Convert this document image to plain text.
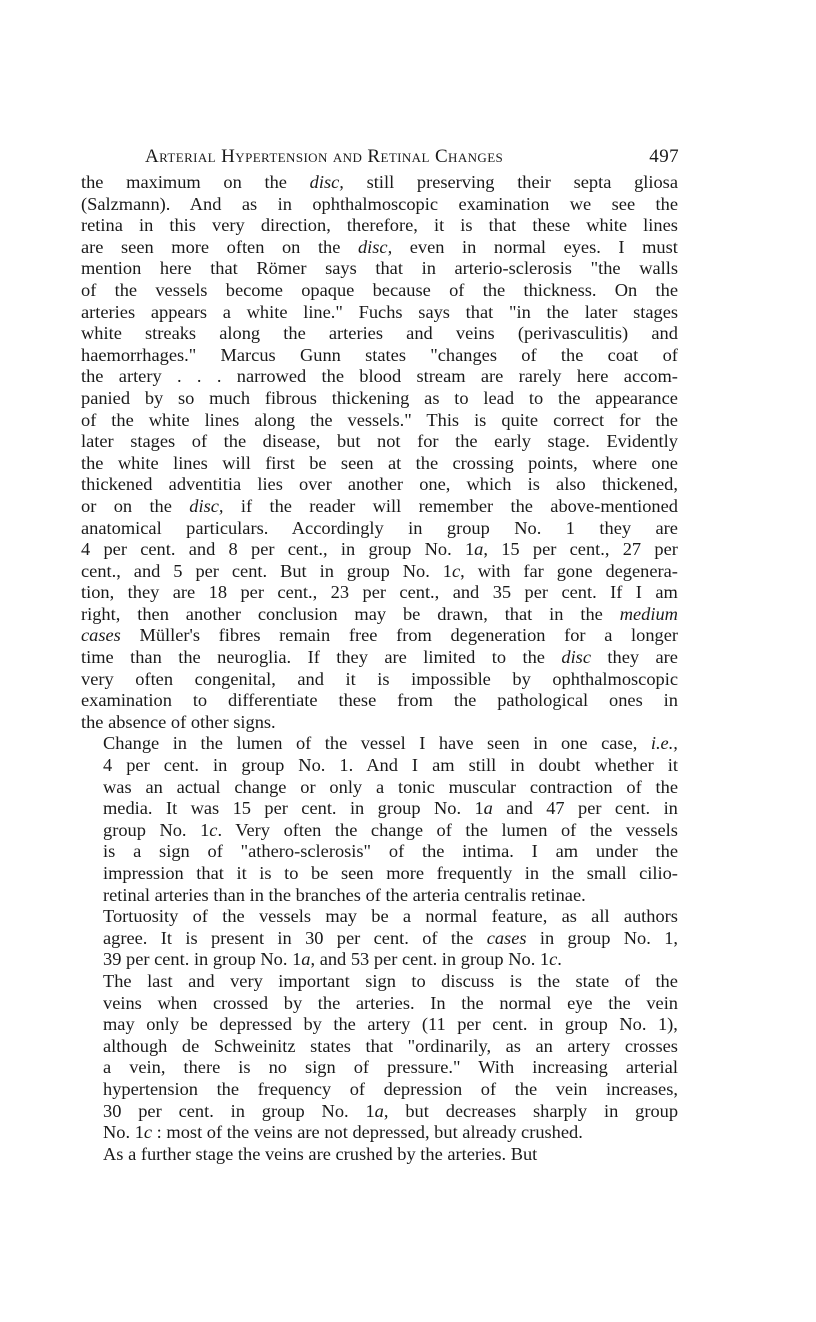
Arterial Hypertension and Retinal Changes	497

the maximum on the disc, still preserving their septa gliosa
(Salzmann). And as in ophthalmoscopic examination we see the
retina in this very direction, therefore, it is that these white lines
are seen more often on the disc, even in normal eyes. I must
mention here that Römer says that in arterio-sclerosis "the walls
of the vessels become opaque because of the thickness. On the
arteries appears a white line." Fuchs says that "in the later stages
white streaks along the arteries and veins (perivasculitis) and
haemorrhages." Marcus Gunn states "changes of the coat of
the artery . . . narrowed the blood stream are rarely here accom-
panied by so much fibrous thickening as to lead to the appearance
of the white lines along the vessels." This is quite correct for the
later stages of the disease, but not for the early stage. Evidently
the white lines will first be seen at the crossing points, where one
thickened adventitia lies over another one, which is also thickened,
or on the disc, if the reader will remember the above-mentioned
anatomical particulars. Accordingly in group No. 1 they are
4 per cent. and 8 per cent., in group No. 1a, 15 per cent., 27 per
cent., and 5 per cent. But in group No. 1c, with far gone degenera-
tion, they are 18 per cent., 23 per cent., and 35 per cent. If I am
right, then another conclusion may be drawn, that in the medium
cases Müller's fibres remain free from degeneration for a longer
time than the neuroglia. If they are limited to the disc they are
very often congenital, and it is impossible by ophthalmoscopic
examination to differentiate these from the pathological ones in
the absence of other signs.

Change in the lumen of the vessel I have seen in one case, i.e.,
4 per cent. in group No. 1. And I am still in doubt whether it
was an actual change or only a tonic muscular contraction of the
media. It was 15 per cent. in group No. 1a and 47 per cent. in
group No. 1c. Very often the change of the lumen of the vessels
is a sign of "athero-sclerosis" of the intima. I am under the
impression that it is to be seen more frequently in the small cilio-
retinal arteries than in the branches of the arteria centralis retinae.

Tortuosity of the vessels may be a normal feature, as all authors
agree. It is present in 30 per cent. of the cases in group No. 1,
39 per cent. in group No. 1a, and 53 per cent. in group No. 1c.

The last and very important sign to discuss is the state of the
veins when crossed by the arteries. In the normal eye the vein
may only be depressed by the artery (11 per cent. in group No. 1),
although de Schweinitz states that "ordinarily, as an artery crosses
a vein, there is no sign of pressure." With increasing arterial
hypertension the frequency of depression of the vein increases,
30 per cent. in group No. 1a, but decreases sharply in group
No. 1c : most of the veins are not depressed, but already crushed.

As a further stage the veins are crushed by the arteries. But
